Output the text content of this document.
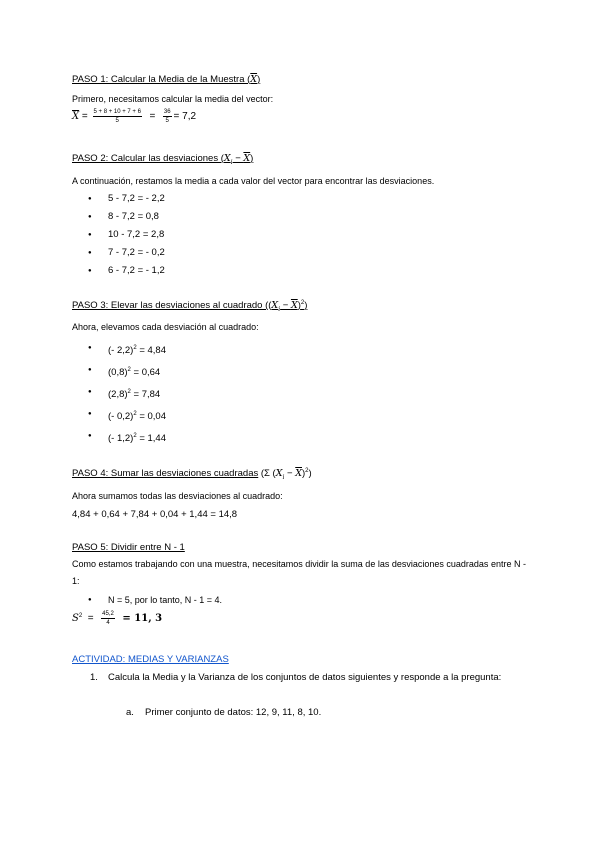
PASO 1: Calcular la Media de la Muestra (X)
Primero, necesitamos calcular la media del vector:
$\overline{X} = \frac{5 + 8 + 10 + 7 + 6}{5} = \frac{36}{5} = 7,2$
PASO 2: Calcular las desviaciones $(X_i - X)$
A continuación, restamos la media a cada valor del vector para encontrar las desviaciones.
● 5 - 7,2 = - 2,2
● 8 - 7,2 = 0,8
● 10 - 7,2 = 2,8
● 7 - 7,2 = - 0,2
● 6 - 7,2 = - 1,2
PASO 3: Elevar las desviaciones al cuadrado $((X_i - X)^2)$
Ahora, elevamos cada desviación al cuadrado:
● (- 2,2)$^2$ = 4,84
● $(0,8)^2 = 0,64$
● $(2,8)^2 = 7,84$
● (- 0,2)$^2$ = 0,04
● (- 1,2)$^2$ = 1,44
PASO 4: Sumar las desviaciones cuadradas (Σ $(X_i - \overline{X})^2$)
Ahora sumamos todas las desviaciones al cuadrado:
4,84 + 0,64 + 7,84 + 0,04 + 1,44 = 14,8
PASO 5: Dividir entre N - 1
Como estamos trabajando con una muestra, necesitamos dividir la suma de las desviaciones cuadradas entre N - 1:
● N = 5, por lo tanto, N - 1 = 4.
$S^2 = \frac{45,2}{4} = 11$, 3
ACTIVIDAD: MEDIAS Y VARIANZAS
1. Calcula la Media y la Varianza de los conjuntos de datos siguientes y responde a la pregunta:
a. Primer conjunto de datos: 12, 9, 11, 8, 10.
